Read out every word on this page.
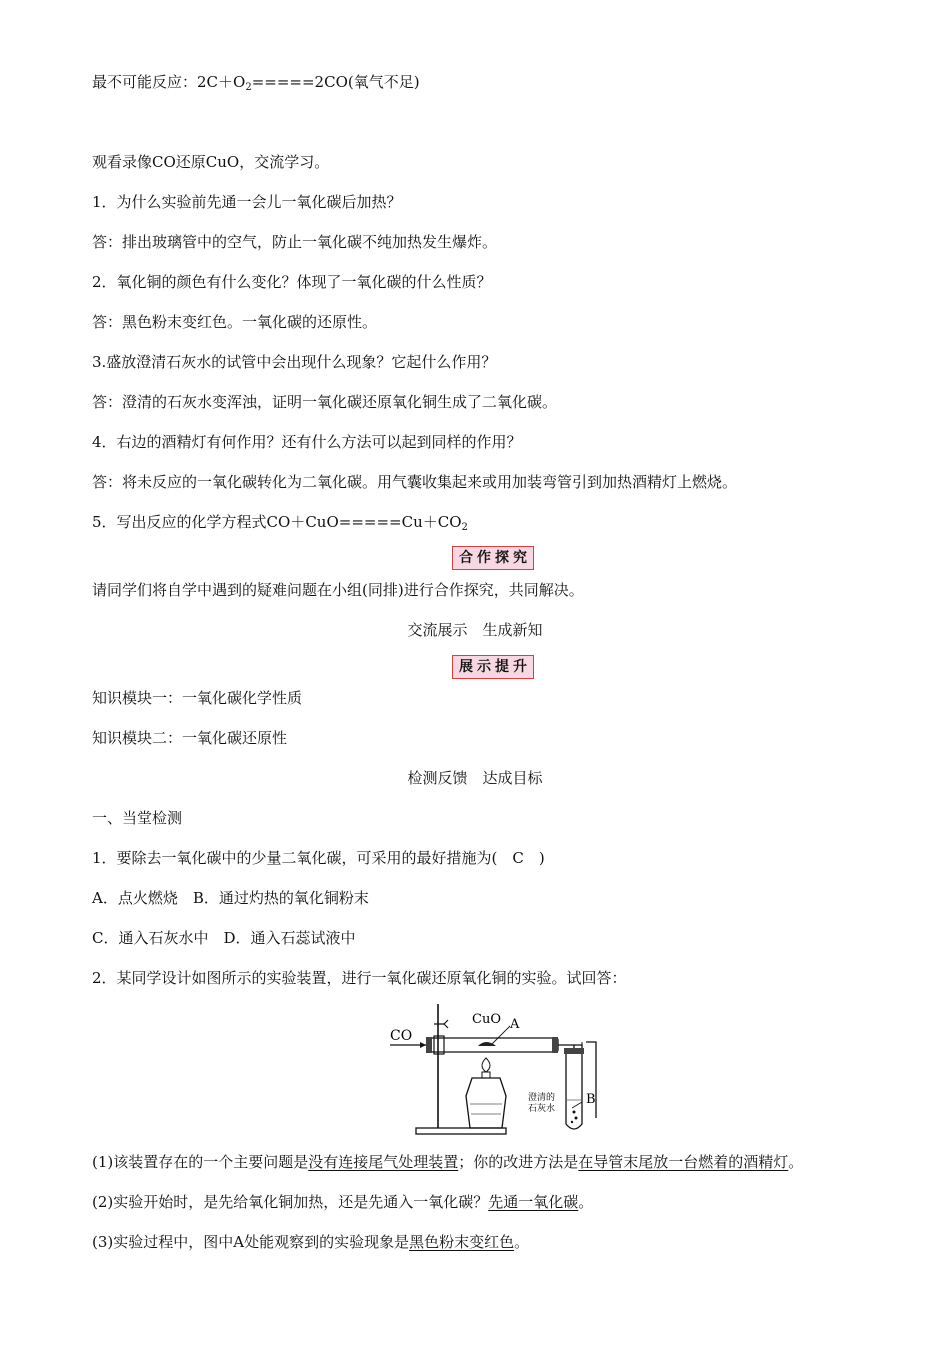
最不可能反应：$2C+O_2=====2CO$(氧气不足)
观看录像CO还原CuO，交流学习。
1．为什么实验前先通一会儿一氧化碳后加热？
答：排出玻璃管中的空气，防止一氧化碳不纯加热发生爆炸。
2．氧化铜的颜色有什么变化？体现了一氧化碳的什么性质？
答：黑色粉末变红色。一氧化碳的还原性。
3.盛放澄清石灰水的试管中会出现什么现象？它起什么作用？
答：澄清的石灰水变浑浊，证明一氧化碳还原氧化铜生成了二氧化碳。
4．右边的酒精灯有何作用？还有什么方法可以起到同样的作用？
答：将未反应的一氧化碳转化为二氧化碳。用气囊收集起来或用加装弯管引到加热酒精灯上燃烧。
5．写出反应的化学方程式$CO+CuO=====Cu+CO_2$
合作探究
请同学们将自学中遇到的疑难问题在小组(同排)进行合作探究，共同解决。
交流展示　生成新知
展示提升
知识模块一：一氧化碳化学性质
知识模块二：一氧化碳还原性
检测反馈　达成目标
一、当堂检测
1．要除去一氧化碳中的少量二氧化碳，可采用的最好措施为(　C　)
A．点火燃烧　B．通过灼热的氧化铜粉末
C．通入石灰水中　D．通入石蕊试液中
2．某同学设计如图所示的实验装置，进行一氧化碳还原氧化铜的实验。试回答：
CO
CuO A
澄清的
石灰水
B
(1)该装置存在的一个主要问题是没有连接尾气处理装置；你的改进方法是在导管末尾放一台燃着的酒精灯。
(2)实验开始时，是先给氧化铜加热，还是先通入一氧化碳？先通一氧化碳。
(3)实验过程中，图中A处能观察到的实验现象是黑色粉末变红色。
